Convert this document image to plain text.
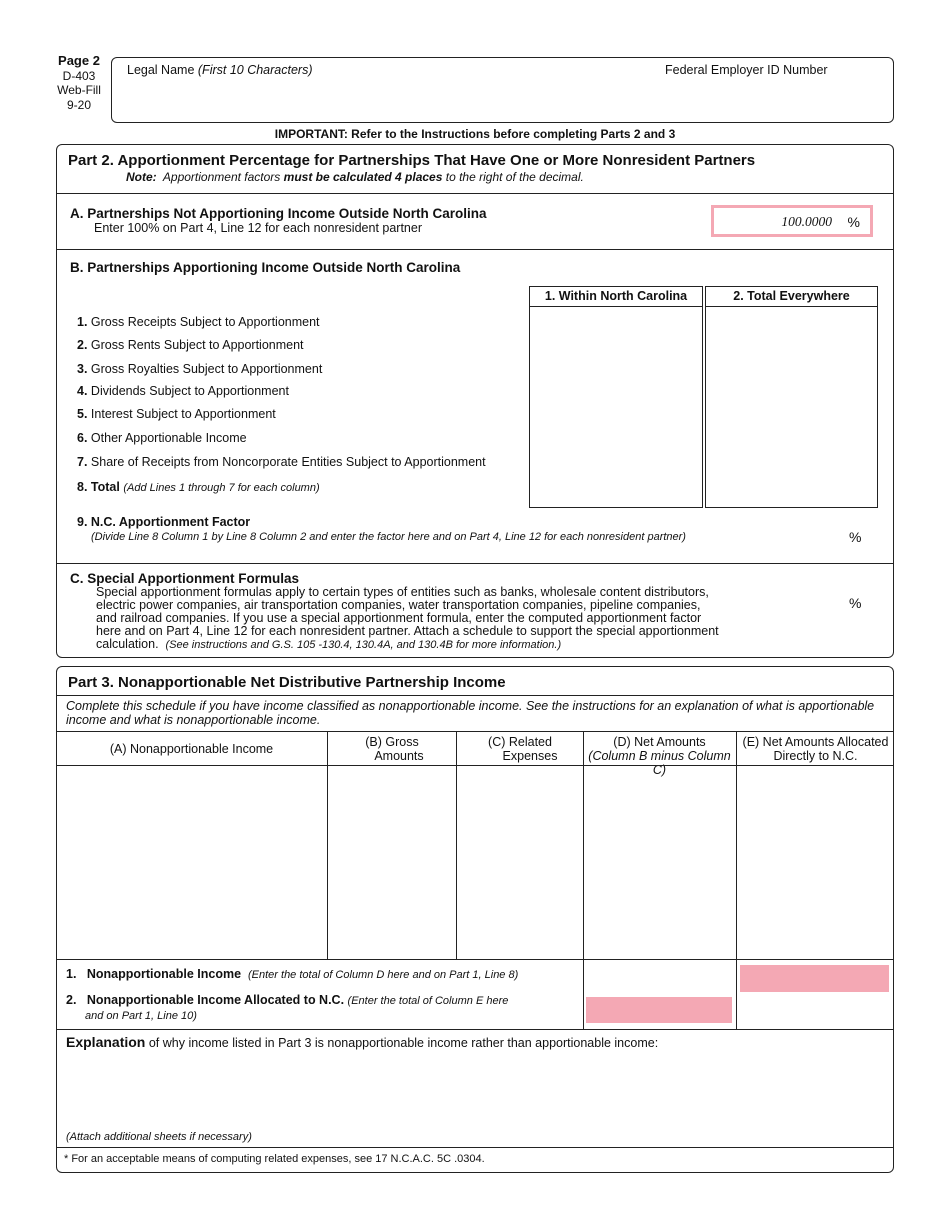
Page 2
D-403
Web-Fill
9-20
Legal Name (First 10 Characters)	Federal Employer ID Number
IMPORTANT: Refer to the Instructions before completing Parts 2 and 3
Part 2. Apportionment Percentage for Partnerships That Have One or More Nonresident Partners
Note: Apportionment factors must be calculated 4 places to the right of the decimal.
A. Partnerships Not Apportioning Income Outside North Carolina
Enter 100% on Part 4, Line 12 for each nonresident partner	100.0000 %
B. Partnerships Apportioning Income Outside North Carolina
1. Within North Carolina	2. Total Everywhere
1. Gross Receipts Subject to Apportionment
2. Gross Rents Subject to Apportionment
3. Gross Royalties Subject to Apportionment
4. Dividends Subject to Apportionment
5. Interest Subject to Apportionment
6. Other Apportionable Income
7. Share of Receipts from Noncorporate Entities Subject to Apportionment
8. Total (Add Lines 1 through 7 for each column)
9. N.C. Apportionment Factor
(Divide Line 8 Column 1 by Line 8 Column 2 and enter the factor here and on Part 4, Line 12 for each nonresident partner)	%
C. Special Apportionment Formulas
Special apportionment formulas apply to certain types of entities such as banks, wholesale content distributors,
electric power companies, air transportation companies, water transportation companies, pipeline companies,
and railroad companies. If you use a special apportionment formula, enter the computed apportionment factor
here and on Part 4, Line 12 for each nonresident partner. Attach a schedule to support the special apportionment
calculation. (See instructions and G.S. 105 -130.4, 130.4A, and 130.4B for more information.)
%
Part 3. Nonapportionable Net Distributive Partnership Income
Complete this schedule if you have income classified as nonapportionable income. See the instructions for an explanation of what is apportionable
income and what is nonapportionable income.
(A) Nonapportionable Income	(B) Gross
Amounts
(C) Related
Expenses
(D) Net Amounts
(Column B minus Column C)
(E) Net Amounts Allocated
Directly to N.C.
1. Nonapportionable Income (Enter the total of Column D here and on Part 1, Line 8)
2. Nonapportionable Income Allocated to N.C. (Enter the total of Column E here
and on Part 1, Line 10)
Explanation of why income listed in Part 3 is nonapportionable income rather than apportionable income:
(Attach additional sheets if necessary)
* For an acceptable means of computing related expenses, see 17 N.C.A.C. 5C .0304.
